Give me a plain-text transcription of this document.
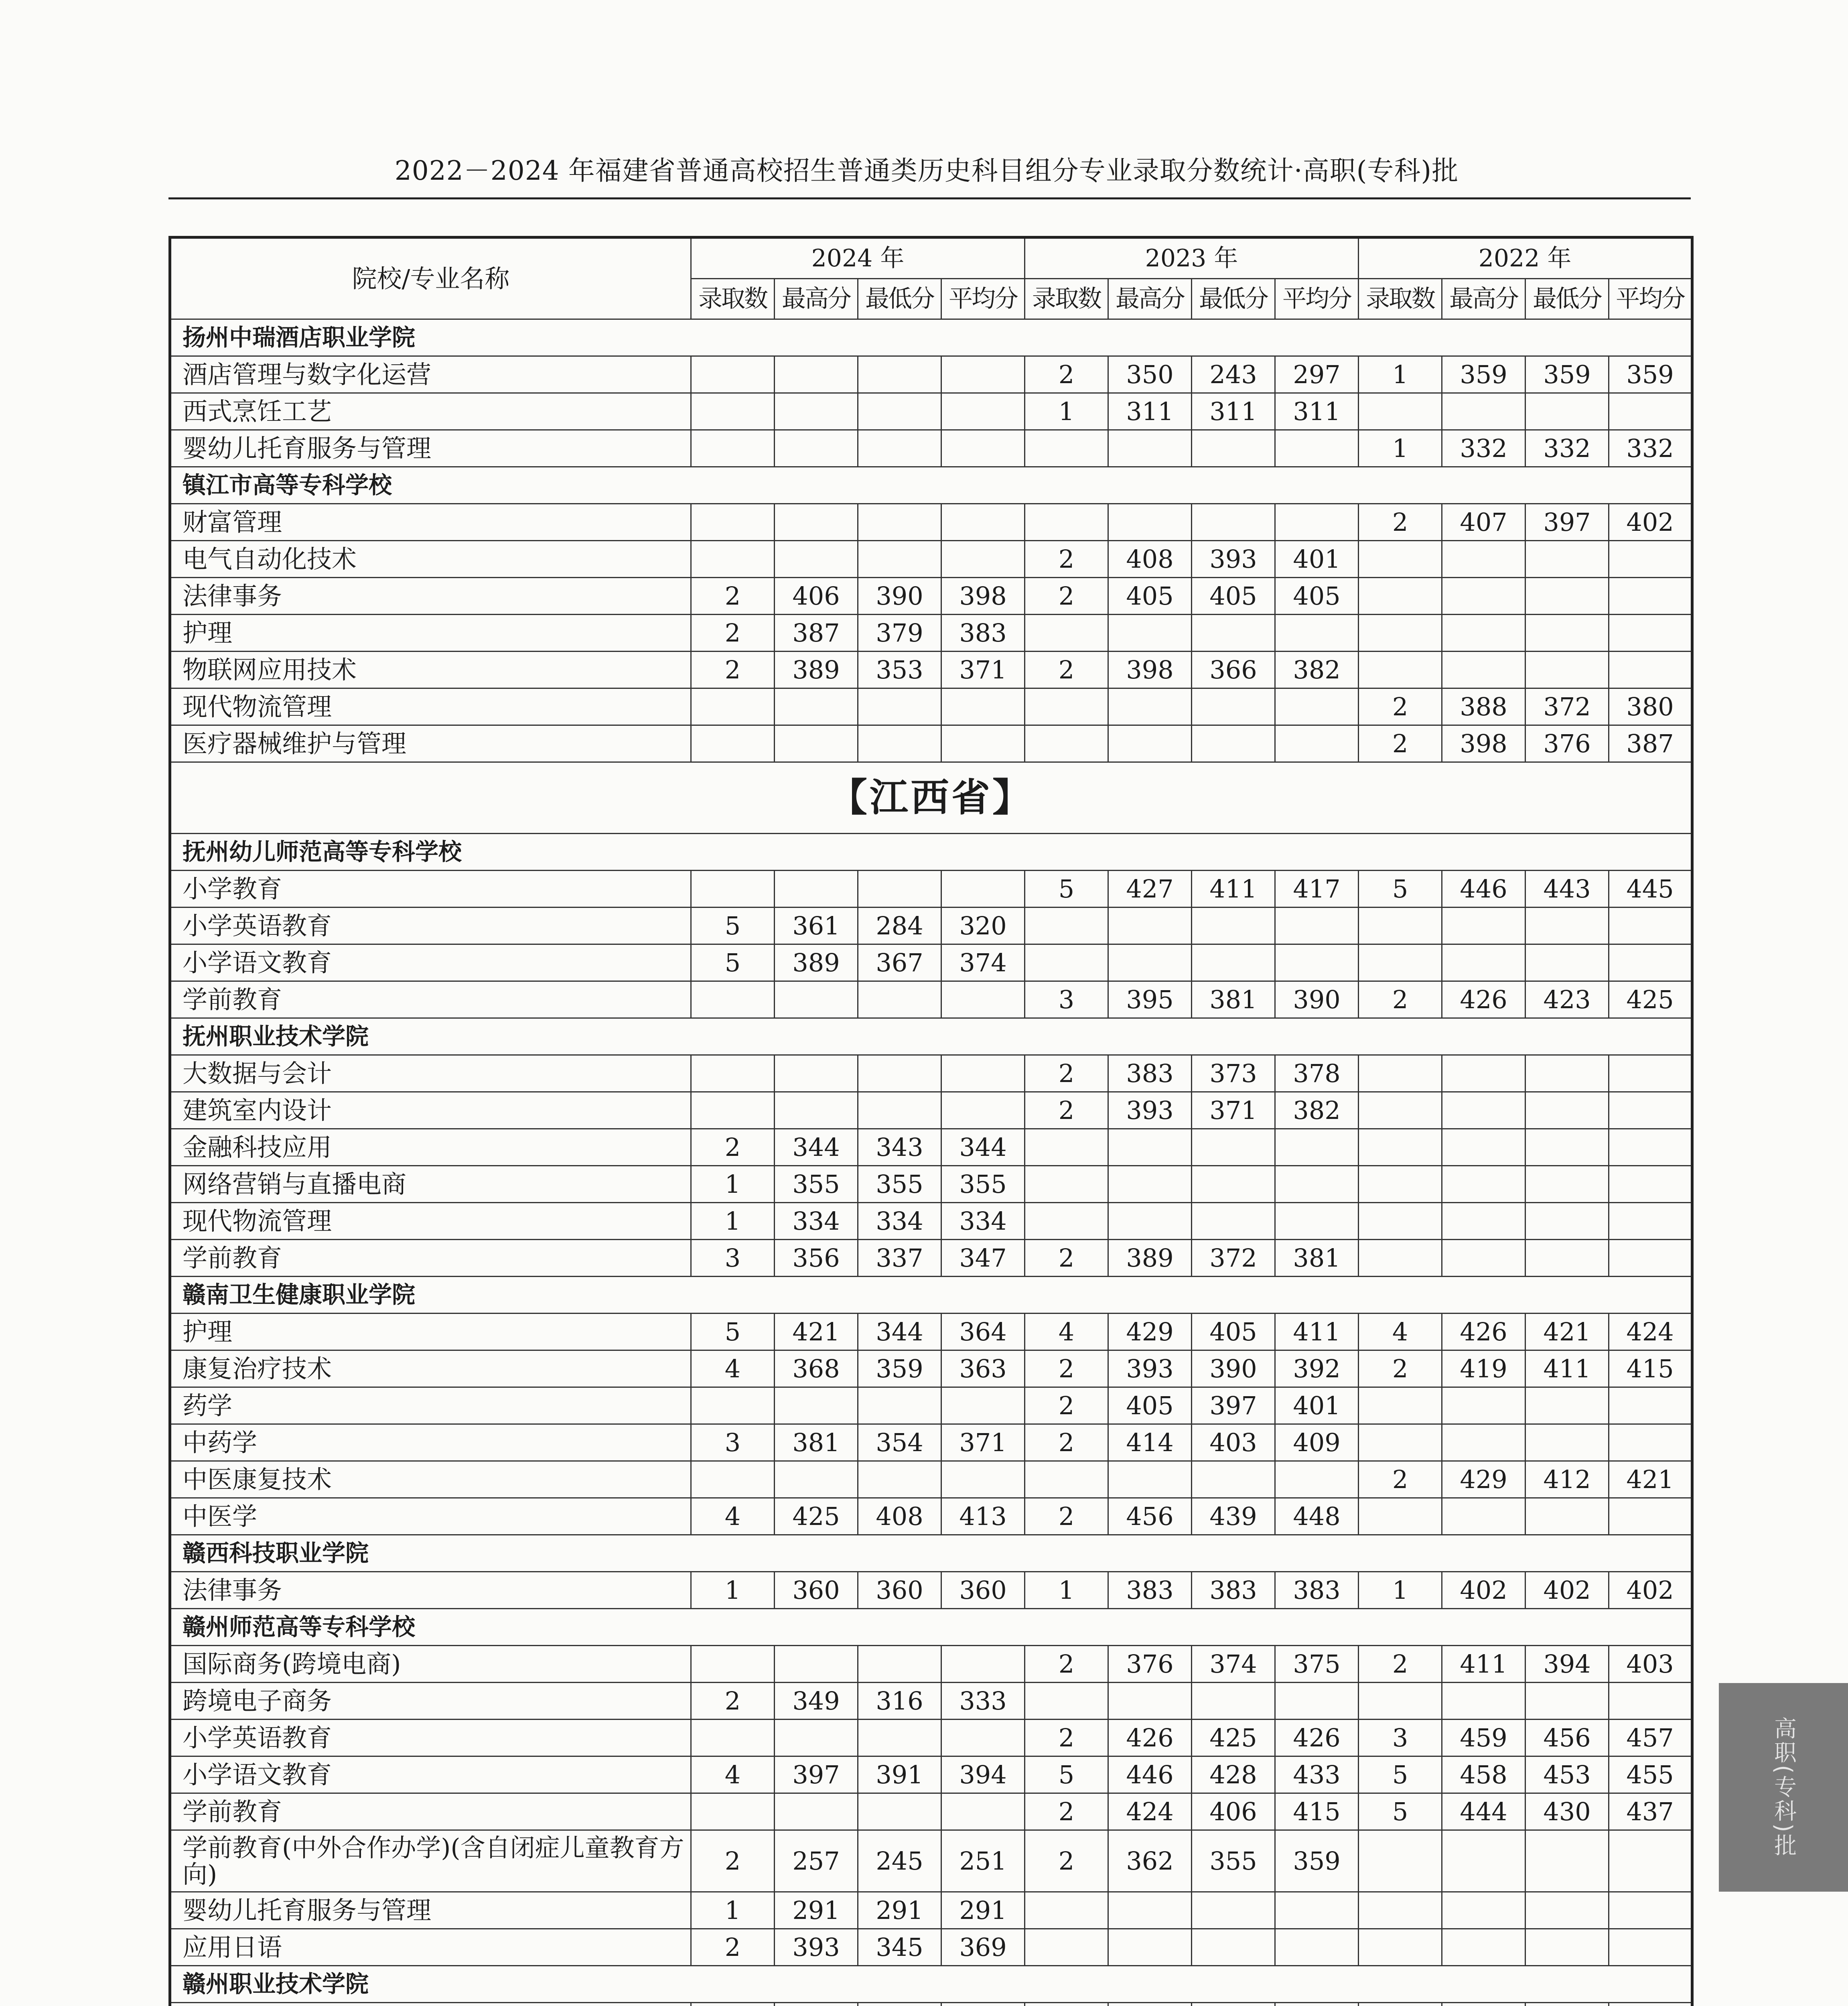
2022－2024 年福建省普通高校招生普通类历史科目组分专业录取分数统计·高职(专科)批
院校/专业名称	2024 年				2023 年				2022 年			
	录取数	最高分	最低分	平均分	录取数	最高分	最低分	平均分	录取数	最高分	最低分	平均分
扬州中瑞酒店职业学院												
酒店管理与数字化运营					2	350	243	297	1	359	359	359
西式烹饪工艺					1	311	311	311				
婴幼儿托育服务与管理									1	332	332	332
镇江市高等专科学校												
财富管理									2	407	397	402
电气自动化技术					2	408	393	401				
法律事务	2	406	390	398	2	405	405	405				
护理	2	387	379	383								
物联网应用技术	2	389	353	371	2	398	366	382				
现代物流管理									2	388	372	380
医疗器械维护与管理									2	398	376	387
【江西省】												
抚州幼儿师范高等专科学校												
小学教育					5	427	411	417	5	446	443	445
小学英语教育	5	361	284	320								
小学语文教育	5	389	367	374								
学前教育					3	395	381	390	2	426	423	425
抚州职业技术学院												
大数据与会计					2	383	373	378				
建筑室内设计					2	393	371	382				
金融科技应用	2	344	343	344								
网络营销与直播电商	1	355	355	355								
现代物流管理	1	334	334	334								
学前教育	3	356	337	347	2	389	372	381				
赣南卫生健康职业学院												
护理	5	421	344	364	4	429	405	411	4	426	421	424
康复治疗技术	4	368	359	363	2	393	390	392	2	419	411	415
药学					2	405	397	401				
中药学	3	381	354	371	2	414	403	409				
中医康复技术									2	429	412	421
中医学	4	425	408	413	2	456	439	448				
赣西科技职业学院												
法律事务	1	360	360	360	1	383	383	383	1	402	402	402
赣州师范高等专科学校												
国际商务(跨境电商)					2	376	374	375	2	411	394	403
跨境电子商务	2	349	316	333								
小学英语教育					2	426	425	426	3	459	456	457
小学语文教育	4	397	391	394	5	446	428	433	5	458	453	455
学前教育					2	424	406	415	5	444	430	437
学前教育(中外合作办学)(含自闭症儿童教育方向)	2	257	245	251	2	362	355	359				
婴幼儿托育服务与管理	1	291	291	291								
应用日语	2	393	345	369								
赣州职业技术学院												

高职(专科)批
